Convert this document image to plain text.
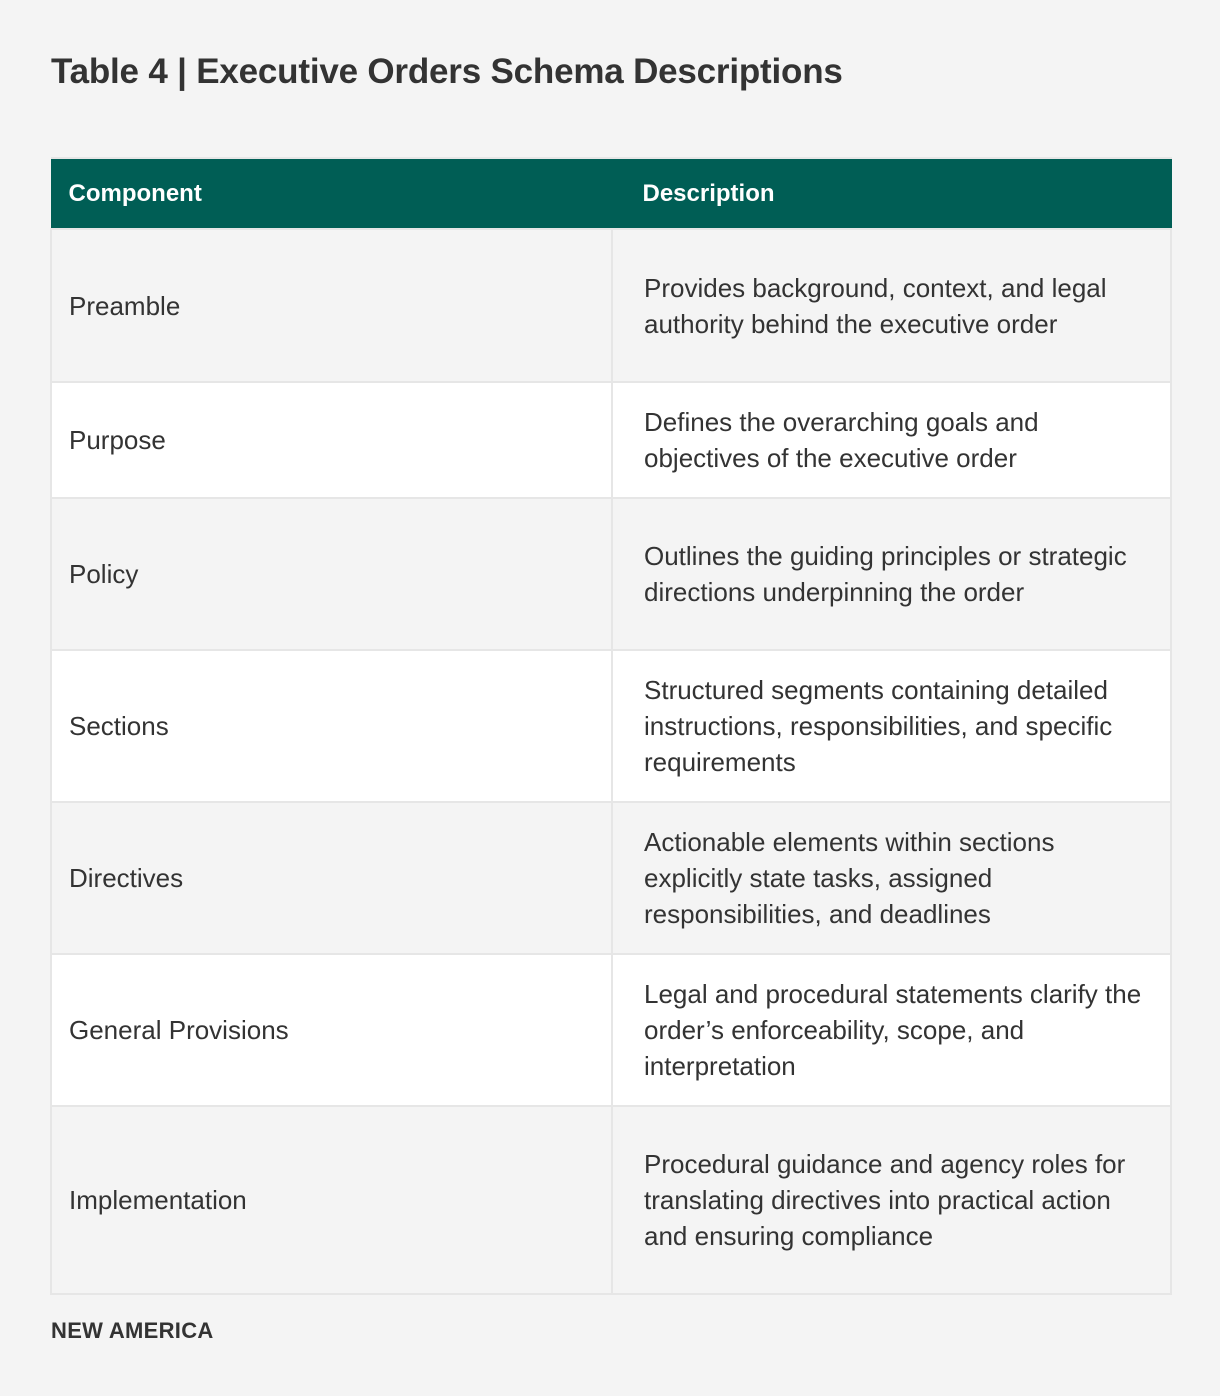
Table 4 | Executive Orders Schema Descriptions
Component	Description
Preamble	Provides background, context, and legal authority behind the executive order
Purpose	Defines the overarching goals and objectives of the executive order
Policy	Outlines the guiding principles or strategic directions underpinning the order
Sections	Structured segments containing detailed instructions, responsibilities, and specific requirements
Directives	Actionable elements within sections explicitly state tasks, assigned responsibilities, and deadlines
General Provisions	Legal and procedural statements clarify the order’s enforceability, scope, and interpretation
Implementation	Procedural guidance and agency roles for translating directives into practical action and ensuring compliance
NEW AMERICA
